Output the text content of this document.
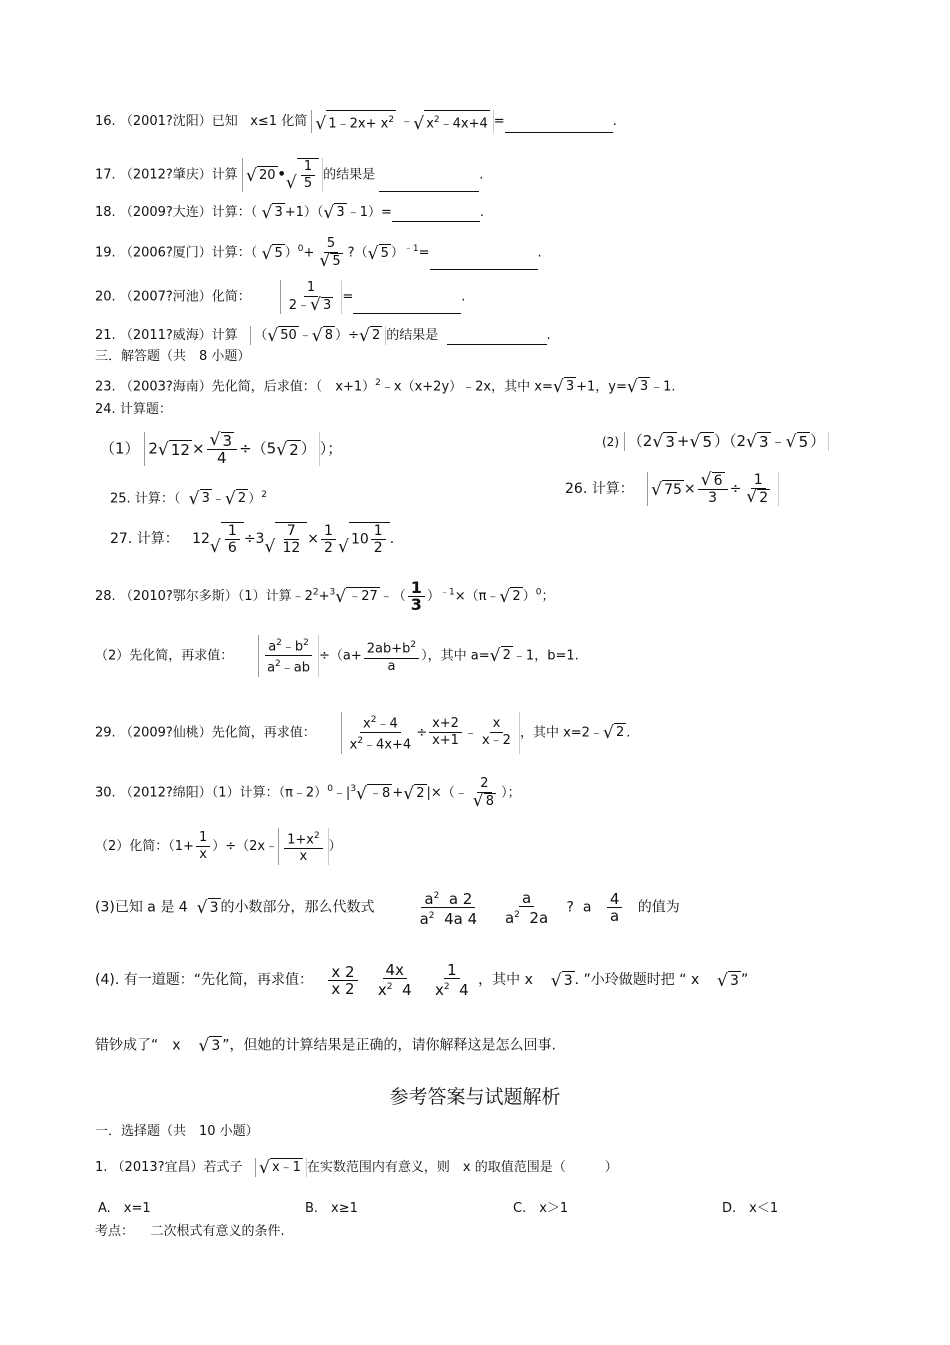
16. （2001?沈阳）已知 x≤1 化简 √ 1﹣2x+ $x^2$ ﹣√ $x^2﹣4x+4$ =	.
17. （2012?肇庆）计算 √ 20 •
√ $\frac{1}{5}$ 的结果是	.
18. （2009?大连）计算：（ √ 3 +1）（√ 3 ﹣1）=	.
19. （2006?厦门）计算：（ √ 5 ）$^0$+ 5
√ 5 ?（√ 5 ）$^{﹣1}$=	.
20. （2007?河池）化简：	$\frac{1}{2﹣√ 3}$ =	.
21. （2011?威海）计算 （√ 50 ﹣√ 8 ）÷√ 2 的结果是	.
三．解答题（共　8 小题）
23. （2003?海南）先化简，后求值：（　x+1）$^2$﹣x（x+2y）﹣2x，其中 x=√ 3 +1，y=√ 3 ﹣1.
24. 计算题：
（1） 2√ 12 ×
√ $\frac{3}{4} \div(5√$ 2 ））；	(2) （2√ 3 +√ 5 ）（2√ 3 ﹣√ 5 ）
25. 计算：（  √ 3 ﹣√ 2 ）$^2$	26. 计算：   √ 75 ×
√ $\frac{6}{3} \div 1$
√ 2
27. 计算： 12
√ $\frac{1}{6} \div 3$
√ $\frac{7}{12} \times \frac{1}{2}$
√ $10 \frac{1}{2}$ .
28. （2010?鄂尔多斯）（1）计算$﹣2^2+^3√$ ﹣27 ﹣（ $\frac{1}{3}$ ）$^{﹣1}$×（π﹣√ 2 ）$^0$；
（2）先化简，再求值： $\frac{a^2﹣b^2}{a^2﹣ab} \div(a+ \frac{2ab+b^2}{a}$ ），其中 a=√ 2 ﹣1，b=1.
29. （2009?仙桃）先化简，再求值： $\frac{x^2﹣4}{x^2﹣4x+4} \div \frac{x+2}{x+1}$ ﹣ $\frac{x}{x﹣2}$ ，其中 x=2﹣√ 2 .
30. （2012?绵阳）（1）计算：$(\pi﹣2)^0﹣|^3√$ ﹣8 +√ 2 |×（﹣ 2
√ 8 ）；
（2）化简：（$1+ \frac{1}{x}$ ）÷（2x﹣ $\frac{1+x^2}{x}$ ）
(3)已知 a 是 4  √ 3 的小数部分，那么代数式	$\frac{a^2 a 2}{a^2 4a 4}$
$\frac{a}{a^2 2a}$ ? a $\frac{4}{a}$ 的值为
(4). 有一道题：“先化简，再求值： $\frac{x 2}{x 2}$
$\frac{4x}{x^2 4}$
$\frac{1}{x^2 4}$ ，其中 x    √ 3 . ”小玲做题时把 “ x    √ 3 ”
错钞成了“　x    √ 3 ”，但她的计算结果是正确的，请你解释这是怎么回事.
参考答案与试题解析
一．选择题（共　10 小题）
1. （2013?宜昌）若式子   √ x﹣1 在实数范围内有意义，则　x 的取值范围是（　　　）
A.　x=1	B.　x≥1	C.　x＞1	D.　x＜1
考点： 二次根式有意义的条件.
